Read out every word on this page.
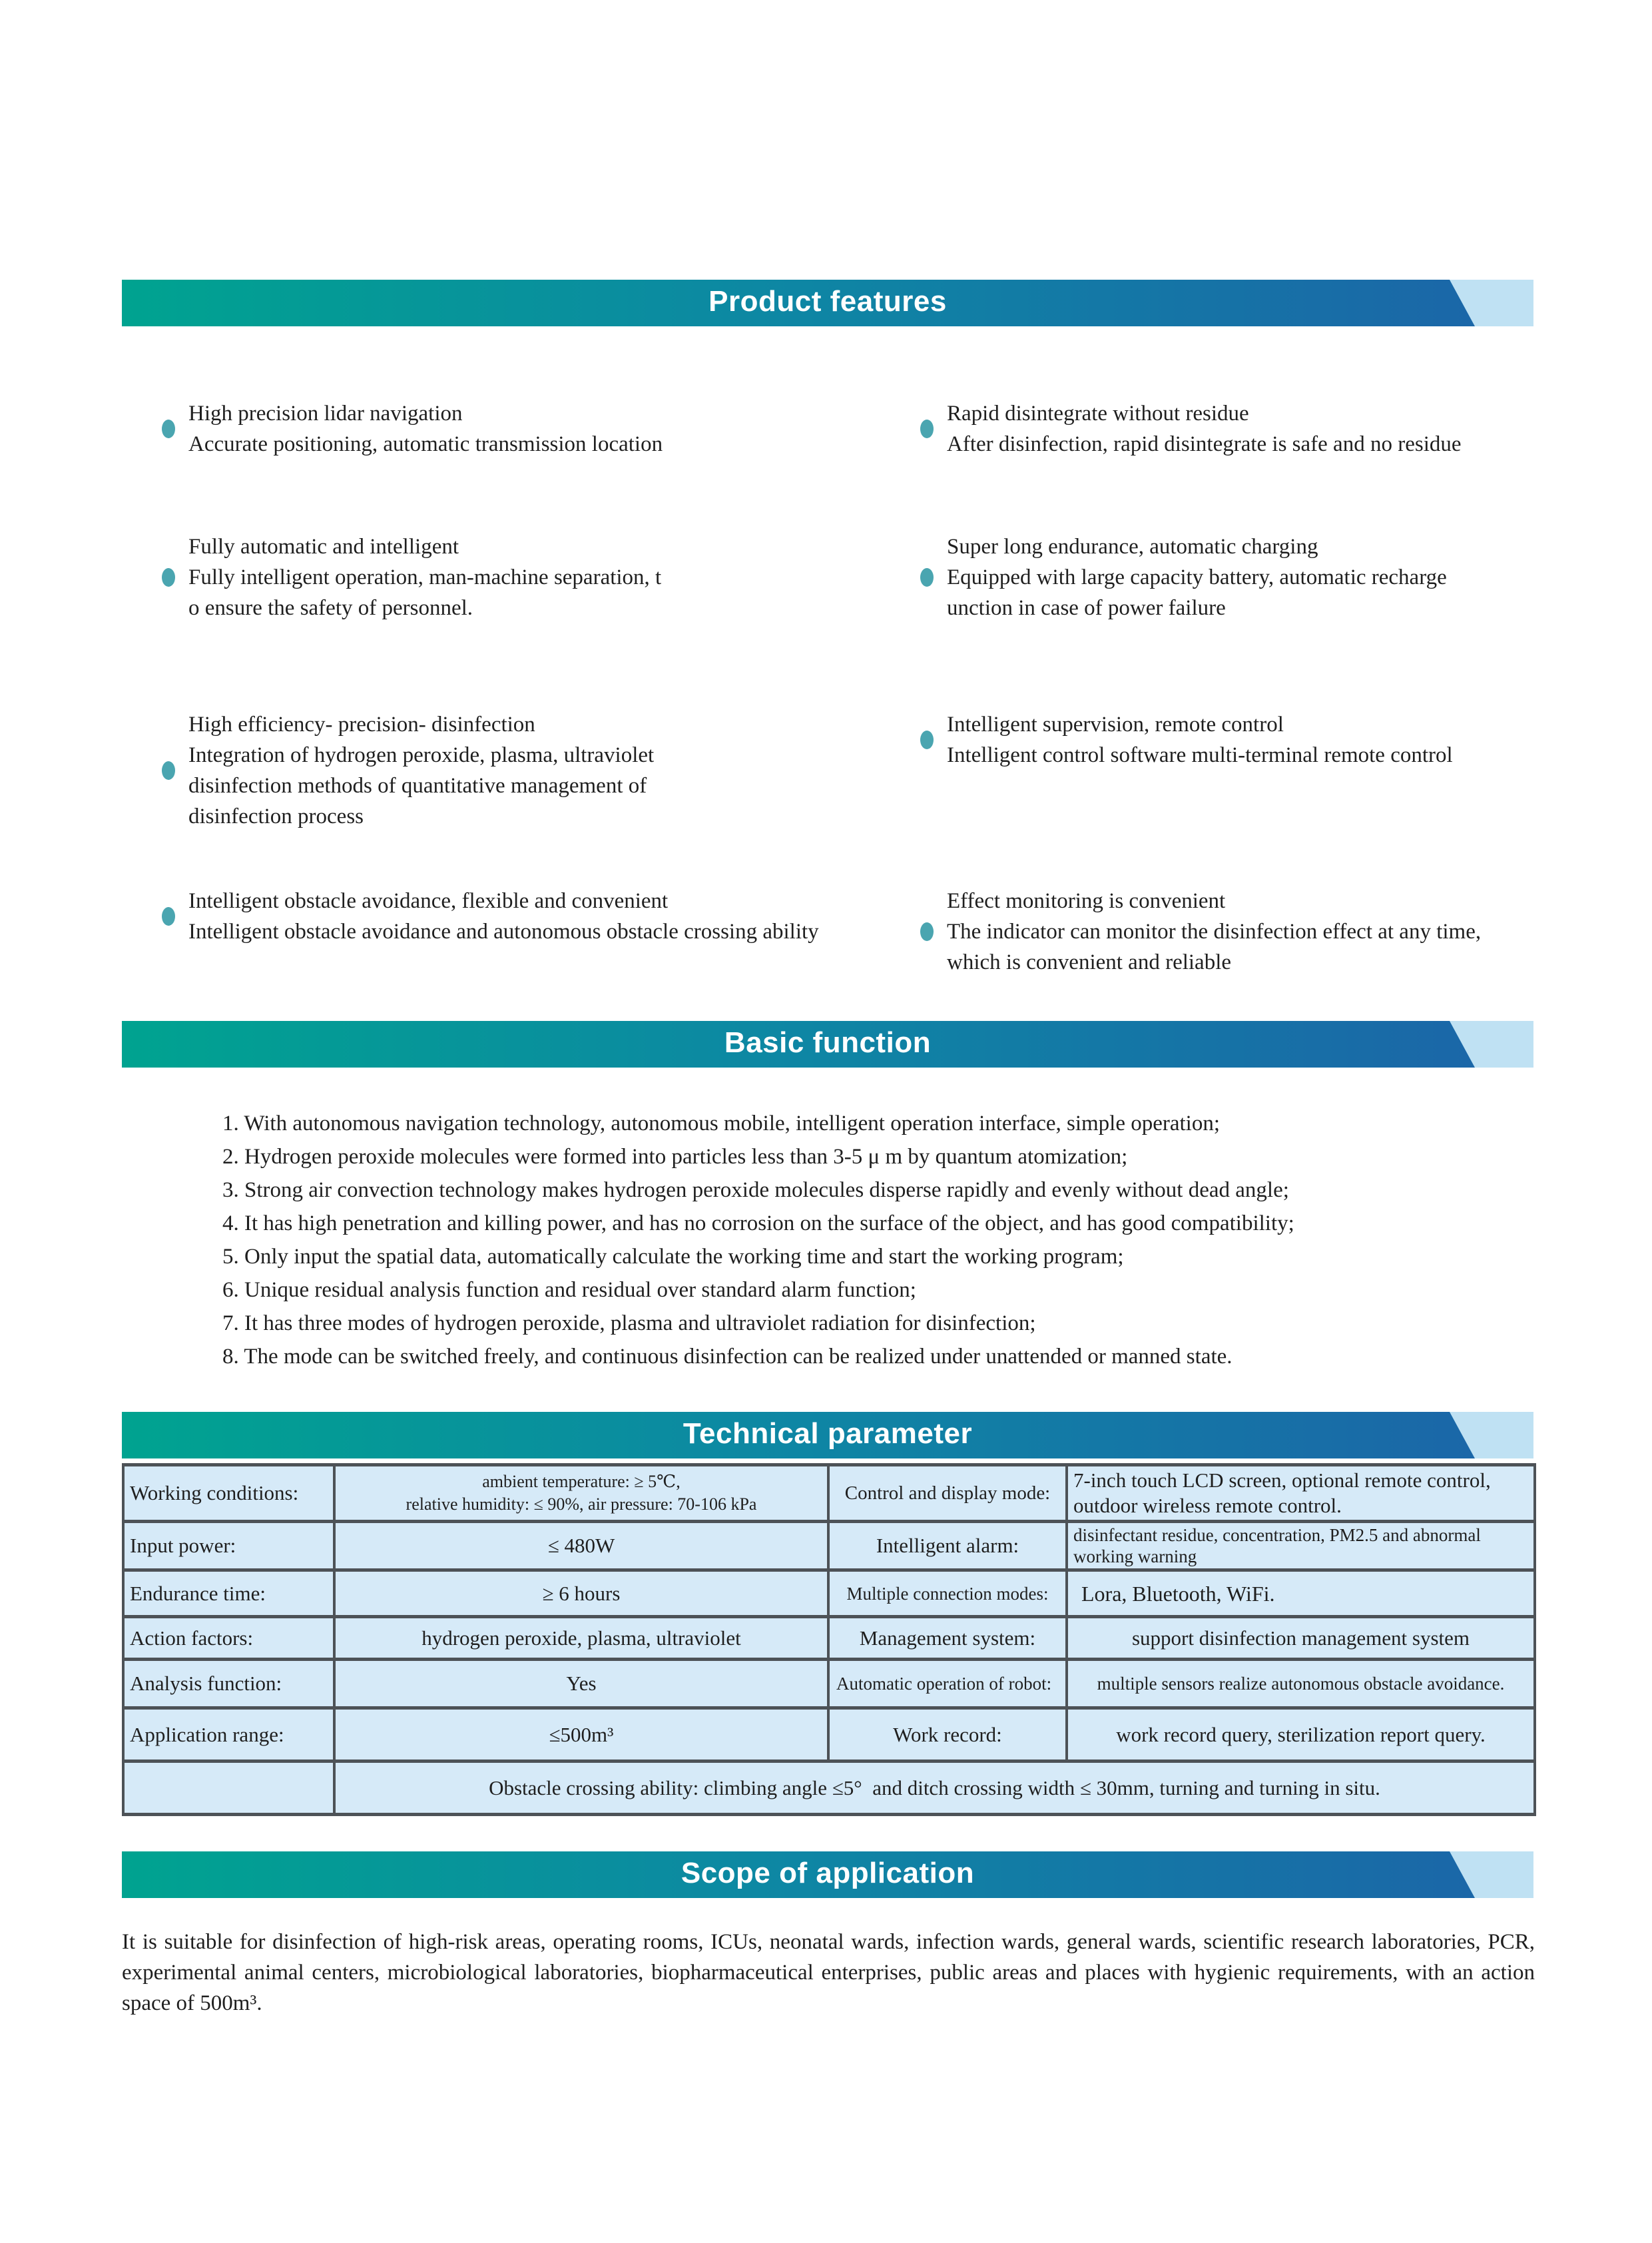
Product features
High precision lidar navigation
Accurate positioning, automatic transmission location
Rapid disintegrate without residue
After disinfection, rapid disintegrate is safe and no residue
Fully automatic and intelligent
Fully intelligent operation, man-machine separation, t
o ensure the safety of personnel.
Super long endurance, automatic charging
Equipped with large capacity battery, automatic recharge
unction in case of power failure
High efficiency- precision- disinfection
Integration of hydrogen peroxide, plasma, ultraviolet
disinfection methods of quantitative management of
disinfection process
Intelligent supervision, remote control
Intelligent control software multi-terminal remote control
Intelligent obstacle avoidance, flexible and convenient
Intelligent obstacle avoidance and autonomous obstacle crossing ability
Effect monitoring is convenient
The indicator can monitor the disinfection effect at any time,
which is convenient and reliable
Basic function
1. With autonomous navigation technology, autonomous mobile, intelligent operation interface, simple operation;
2. Hydrogen peroxide molecules were formed into particles less than 3-5 μ m by quantum atomization;
3. Strong air convection technology makes hydrogen peroxide molecules disperse rapidly and evenly without dead angle;
4. It has high penetration and killing power, and has no corrosion on the surface of the object, and has good compatibility;
5. Only input the spatial data, automatically calculate the working time and start the working program;
6. Unique residual analysis function and residual over standard alarm function;
7. It has three modes of hydrogen peroxide, plasma and ultraviolet radiation for disinfection;
8. The mode can be switched freely, and continuous disinfection can be realized under unattended or manned state.
Technical parameter
Working conditions:	ambient temperature: ≥ 5℃,
relative humidity: ≤ 90%, air pressure: 70-106 kPa	Control and display mode:	7-inch touch LCD screen, optional remote control, outdoor wireless remote control.
Input power:	≤ 480W	Intelligent alarm:	disinfectant residue, concentration, PM2.5 and abnormal working warning
Endurance time:	≥ 6 hours	Multiple connection modes:	Lora, Bluetooth, WiFi.
Action factors:	hydrogen peroxide, plasma, ultraviolet	Management system:	support disinfection management system
Analysis function:	Yes	Automatic operation of robot:	multiple sensors realize autonomous obstacle avoidance.
Application range:	≤500m³	Work record:	work record query, sterilization report query.
	Obstacle crossing ability: climbing angle ≤5°  and ditch crossing width ≤ 30mm, turning and turning in situ.		
Scope of application
It is suitable for disinfection of high-risk areas, operating rooms, ICUs, neonatal wards, infection wards, general wards, scientific research laboratories, PCR, experimental animal centers, microbiological laboratories, biopharmaceutical enterprises, public areas and places with hygienic requirements, with an action space of 500m³.
